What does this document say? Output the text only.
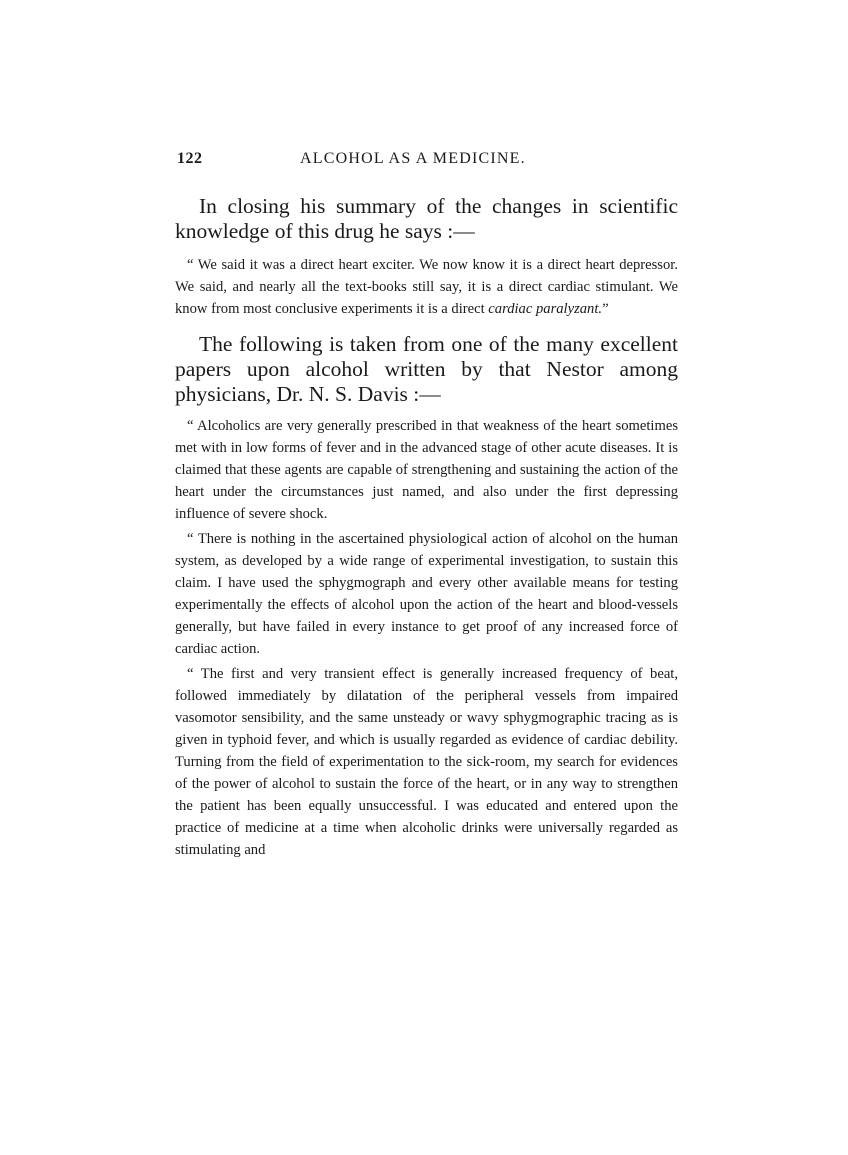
122	ALCOHOL AS A MEDICINE.

In closing his summary of the changes in scientific knowledge of this drug he says :—

“ We said it was a direct heart exciter. We now know it is a direct heart depressor. We said, and nearly all the text-books still say, it is a direct cardiac stimulant. We know from most conclusive experiments it is a direct cardiac paralyzant.”

The following is taken from one of the many excellent papers upon alcohol written by that Nestor among physicians, Dr. N. S. Davis :—

“ Alcoholics are very generally prescribed in that weakness of the heart sometimes met with in low forms of fever and in the advanced stage of other acute diseases. It is claimed that these agents are capable of strengthening and sustaining the action of the heart under the circumstances just named, and also under the first depressing influence of severe shock.

“ There is nothing in the ascertained physiological action of alcohol on the human system, as developed by a wide range of experimental investigation, to sustain this claim. I have used the sphygmograph and every other available means for testing experimentally the effects of alcohol upon the action of the heart and blood-vessels generally, but have failed in every instance to get proof of any increased force of cardiac action.

“ The first and very transient effect is generally increased frequency of beat, followed immediately by dilatation of the peripheral vessels from impaired vasomotor sensibility, and the same unsteady or wavy sphygmographic tracing as is given in typhoid fever, and which is usually regarded as evidence of cardiac debility. Turning from the field of experimentation to the sick-room, my search for evidences of the power of alcohol to sustain the force of the heart, or in any way to strengthen the patient has been equally unsuccessful. I was educated and entered upon the practice of medicine at a time when alcoholic drinks were universally regarded as stimulating and
